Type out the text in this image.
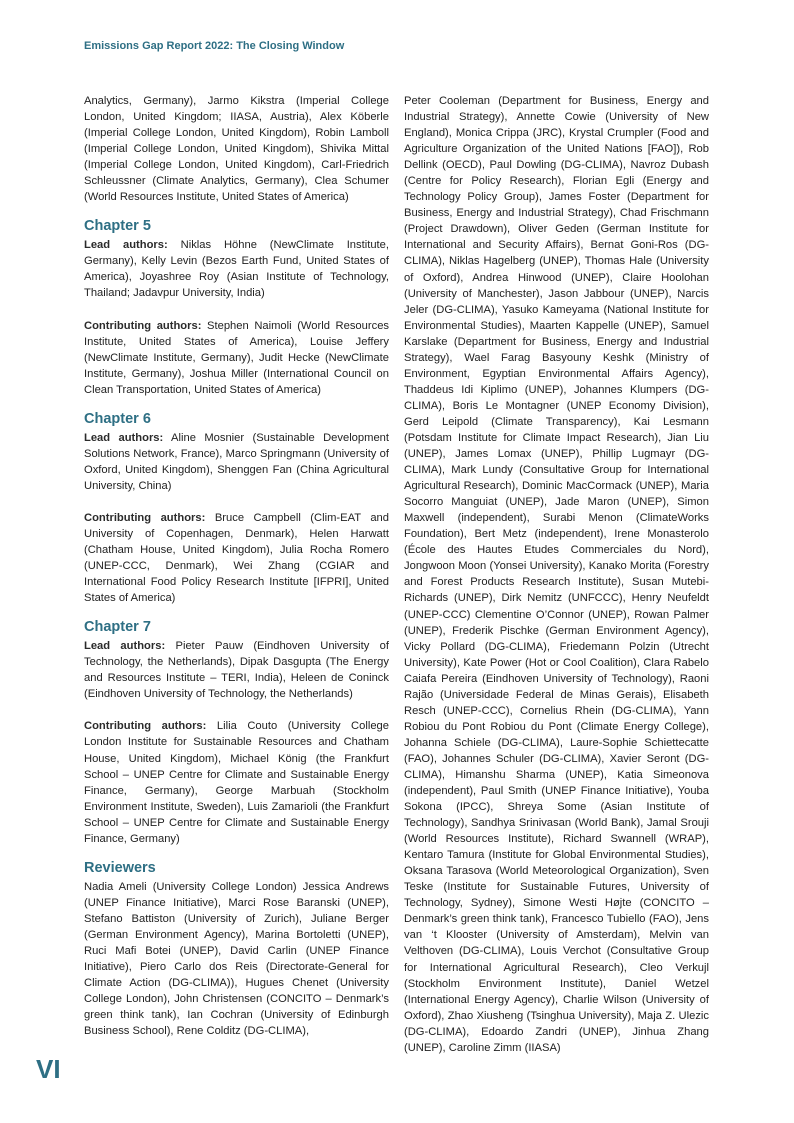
Emissions Gap Report 2022: The Closing Window

Analytics, Germany), Jarmo Kikstra (Imperial College London, United Kingdom; IIASA, Austria), Alex Köberle (Imperial College London, United Kingdom), Robin Lamboll (Imperial College London, United Kingdom), Shivika Mittal (Imperial College London, United Kingdom), Carl-Friedrich Schleussner (Climate Analytics, Germany), Clea Schumer (World Resources Institute, United States of America)

Chapter 5

Lead authors: Niklas Höhne (NewClimate Institute, Germany), Kelly Levin (Bezos Earth Fund, United States of America), Joyashree Roy (Asian Institute of Technology, Thailand; Jadavpur University, India)

Contributing authors: Stephen Naimoli (World Resources Institute, United States of America), Louise Jeffery (NewClimate Institute, Germany), Judit Hecke (NewClimate Institute, Germany), Joshua Miller (International Council on Clean Transportation, United States of America)

Chapter 6

Lead authors: Aline Mosnier (Sustainable Development Solutions Network, France), Marco Springmann (University of Oxford, United Kingdom), Shenggen Fan (China Agricultural University, China)

Contributing authors: Bruce Campbell (Clim-EAT and University of Copenhagen, Denmark), Helen Harwatt (Chatham House, United Kingdom), Julia Rocha Romero (UNEP-CCC, Denmark), Wei Zhang (CGIAR and International Food Policy Research Institute [IFPRI], United States of America)

Chapter 7

Lead authors: Pieter Pauw (Eindhoven University of Technology, the Netherlands), Dipak Dasgupta (The Energy and Resources Institute – TERI, India), Heleen de Coninck (Eindhoven University of Technology, the Netherlands)

Contributing authors: Lilia Couto (University College London Institute for Sustainable Resources and Chatham House, United Kingdom), Michael König (the Frankfurt School – UNEP Centre for Climate and Sustainable Energy Finance, Germany), George Marbuah (Stockholm Environment Institute, Sweden), Luis Zamarioli (the Frankfurt School – UNEP Centre for Climate and Sustainable Energy Finance, Germany)

Reviewers

Nadia Ameli (University College London) Jessica Andrews (UNEP Finance Initiative), Marci Rose Baranski (UNEP), Stefano Battiston (University of Zurich), Juliane Berger (German Environment Agency), Marina Bortoletti (UNEP), Ruci Mafi Botei (UNEP), David Carlin (UNEP Finance Initiative), Piero Carlo dos Reis (Directorate-General for Climate Action (DG-CLIMA)), Hugues Chenet (University College London), John Christensen (CONCITO – Denmark’s green think tank), Ian Cochran (University of Edinburgh Business School), Rene Colditz (DG-CLIMA),

Peter Cooleman (Department for Business, Energy and Industrial Strategy), Annette Cowie (University of New England), Monica Crippa (JRC), Krystal Crumpler (Food and Agriculture Organization of the United Nations [FAO]), Rob Dellink (OECD), Paul Dowling (DG-CLIMA), Navroz Dubash (Centre for Policy Research), Florian Egli (Energy and Technology Policy Group), James Foster (Department for Business, Energy and Industrial Strategy), Chad Frischmann (Project Drawdown), Oliver Geden (German Institute for International and Security Affairs), Bernat Goni-Ros (DG-CLIMA), Niklas Hagelberg (UNEP), Thomas Hale (University of Oxford), Andrea Hinwood (UNEP), Claire Hoolohan (University of Manchester), Jason Jabbour (UNEP), Narcis Jeler (DG-CLIMA), Yasuko Kameyama (National Institute for Environmental Studies), Maarten Kappelle (UNEP), Samuel Karslake (Department for Business, Energy and Industrial Strategy), Wael Farag Basyouny Keshk (Ministry of Environment, Egyptian Environmental Affairs Agency), Thaddeus Idi Kiplimo (UNEP), Johannes Klumpers (DG-CLIMA), Boris Le Montagner (UNEP Economy Division), Gerd Leipold (Climate Transparency), Kai Lesmann (Potsdam Institute for Climate Impact Research), Jian Liu (UNEP), James Lomax (UNEP), Phillip Lugmayr (DG-CLIMA), Mark Lundy (Consultative Group for International Agricultural Research), Dominic MacCormack (UNEP), Maria Socorro Manguiat (UNEP), Jade Maron (UNEP), Simon Maxwell (independent), Surabi Menon (ClimateWorks Foundation), Bert Metz (independent), Irene Monasterolo (École des Hautes Etudes Commerciales du Nord), Jongwoon Moon (Yonsei University), Kanako Morita (Forestry and Forest Products Research Institute), Susan Mutebi-Richards (UNEP), Dirk Nemitz (UNFCCC), Henry Neufeldt (UNEP-CCC) Clementine O’Connor (UNEP), Rowan Palmer (UNEP), Frederik Pischke (German Environment Agency), Vicky Pollard (DG-CLIMA), Friedemann Polzin (Utrecht University), Kate Power (Hot or Cool Coalition), Clara Rabelo Caiafa Pereira (Eindhoven University of Technology), Raoni Rajão (Universidade Federal de Minas Gerais), Elisabeth Resch (UNEP-CCC), Cornelius Rhein (DG-CLIMA), Yann Robiou du Pont Robiou du Pont (Climate Energy College), Johanna Schiele (DG-CLIMA), Laure-Sophie Schiettecatte (FAO), Johannes Schuler (DG-CLIMA), Xavier Seront (DG-CLIMA), Himanshu Sharma (UNEP), Katia Simeonova (independent), Paul Smith (UNEP Finance Initiative), Youba Sokona (IPCC), Shreya Some (Asian Institute of Technology), Sandhya Srinivasan (World Bank), Jamal Srouji (World Resources Institute), Richard Swannell (WRAP), Kentaro Tamura (Institute for Global Environmental Studies), Oksana Tarasova (World Meteorological Organization), Sven Teske (Institute for Sustainable Futures, University of Technology, Sydney), Simone Westi Højte (CONCITO – Denmark’s green think tank), Francesco Tubiello (FAO), Jens van ‘t Klooster (University of Amsterdam), Melvin van Velthoven (DG-CLIMA), Louis Verchot (Consultative Group for International Agricultural Research), Cleo Verkujl (Stockholm Environment Institute), Daniel Wetzel (International Energy Agency), Charlie Wilson (University of Oxford), Zhao Xiusheng (Tsinghua University), Maja Z. Ulezic (DG-CLIMA), Edoardo Zandri (UNEP), Jinhua Zhang (UNEP), Caroline Zimm (IIASA)

VI
